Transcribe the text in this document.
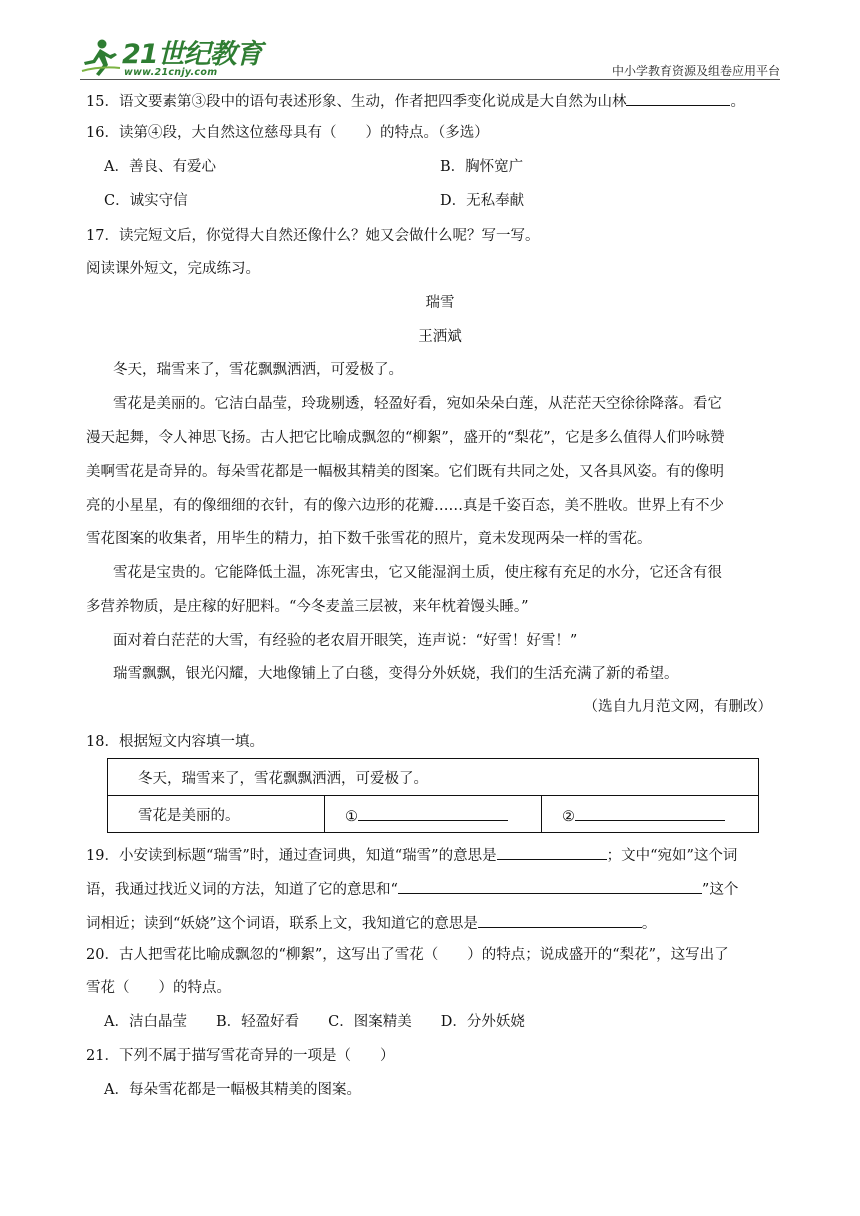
21世纪教育
www.21cnjy.com	中小学教育资源及组卷应用平台
15．语文要素第③段中的语句表述形象、生动，作者把四季变化说成是大自然为山林	。
16．读第④段，大自然这位慈母具有（　　）的特点。（多选）
A．善良、有爱心	B．胸怀宽广
C．诚实守信	D．无私奉献
17．读完短文后，你觉得大自然还像什么？她又会做什么呢？写一写。
阅读课外短文，完成练习。
瑞雪
王洒斌
冬天，瑞雪来了，雪花飘飘洒洒，可爱极了。
雪花是美丽的。它洁白晶莹，玲珑剔透，轻盈好看，宛如朵朵白莲，从茫茫天空徐徐降落。看它
漫天起舞，令人神思飞扬。古人把它比喻成飘忽的“柳絮”，盛开的“梨花”，它是多么值得人们吟咏赞
美啊雪花是奇异的。每朵雪花都是一幅极其精美的图案。它们既有共同之处，又各具风姿。有的像明
亮的小星星，有的像细细的衣针，有的像六边形的花瓣……真是千姿百态，美不胜收。世界上有不少
雪花图案的收集者，用毕生的精力，拍下数千张雪花的照片，竟未发现两朵一样的雪花。
雪花是宝贵的。它能降低土温，冻死害虫，它又能湿润土质，使庄稼有充足的水分，它还含有很
多营养物质，是庄稼的好肥料。“今冬麦盖三层被，来年枕着馒头睡。”
面对着白茫茫的大雪，有经验的老农眉开眼笑，连声说：“好雪！好雪！”
瑞雪飘飘，银光闪耀，大地像铺上了白毯，变得分外妖娆，我们的生活充满了新的希望。
（选自九月范文网，有删改）
18．根据短文内容填一填。
冬天，瑞雪来了，雪花飘飘洒洒，可爱极了。
雪花是美丽的。	①	②
19．小安读到标题“瑞雪”时，通过查词典，知道“瑞雪”的意思是	；文中“宛如”这个词
语，我通过找近义词的方法，知道了它的意思和“	”这个
词相近；读到“妖娆”这个词语，联系上文，我知道它的意思是	。
20．古人把雪花比喻成飘忽的“柳絮”，这写出了雪花（　　）的特点；说成盛开的“梨花”，这写出了
雪花（　　）的特点。
A．洁白晶莹　　B．轻盈好看　　C．图案精美　　D．分外妖娆
21．下列不属于描写雪花奇异的一项是（　　）
A．每朵雪花都是一幅极其精美的图案。
